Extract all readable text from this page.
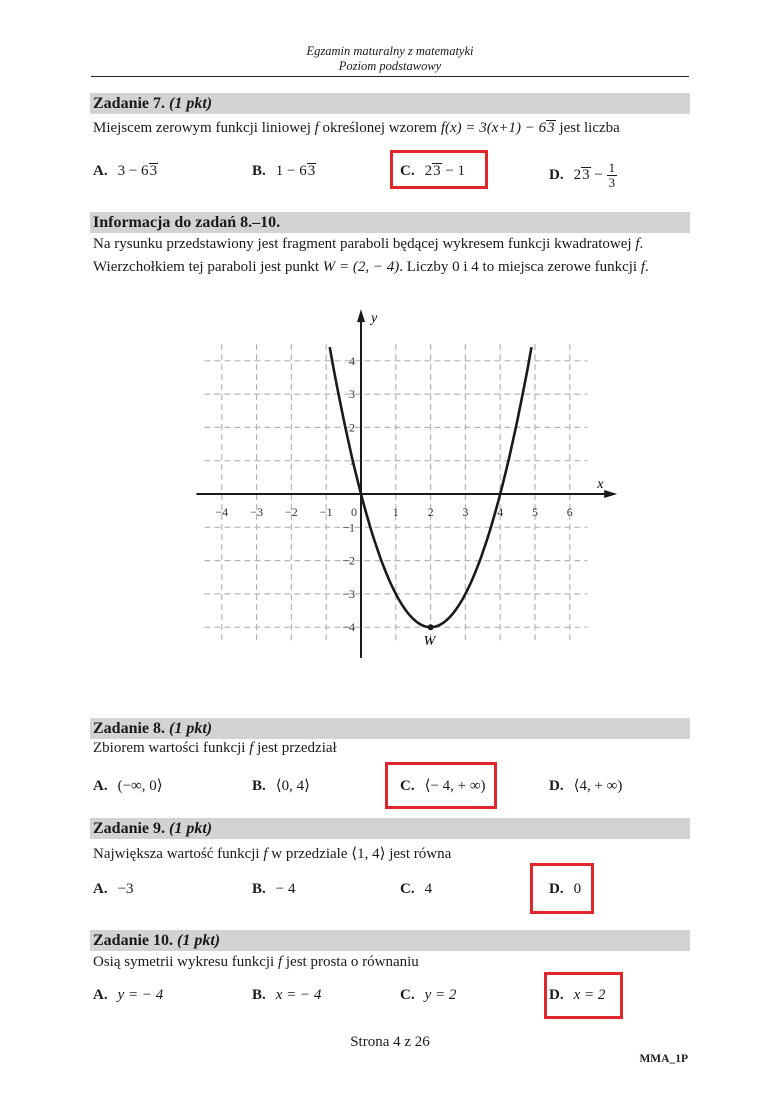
Egzamin maturalny z matematyki
Poziom podstawowy
Zadanie 7. (1 pkt)
Miejscem zerowym funkcji liniowej f określonej wzorem f(x) = 3(x+1) − 63 jest liczba
A. 3 − 63	B. 1 − 63	C. 23 − 1	D. $23 - \frac{1}{3}$
Informacja do zadań 8.–10.
Na rysunku przedstawiony jest fragment paraboli będącej wykresem funkcji kwadratowej f.
Wierzchołkiem tej paraboli jest punkt W = (2, − 4). Liczby 0 i 4 to miejsca zerowe funkcji f.
x
y
−4 −3 −2 −1 0	1 2 3 4 5 6
4
3
2
1
−1
−2
−3
−4
W
Zadanie 8. (1 pkt)
Zbiorem wartości funkcji f jest przedział
A. (−∞, 0⟩	B. ⟨0, 4⟩	C. ⟨− 4, + ∞)	D. ⟨4, + ∞)
Zadanie 9. (1 pkt)
Największa wartość funkcji f w przedziale ⟨1, 4⟩ jest równa
A. −3	B. − 4	C. 4	D. 0
Zadanie 10. (1 pkt)
Osią symetrii wykresu funkcji f jest prosta o równaniu
A. y = − 4	B. x = − 4	C. y = 2	D. x = 2
Strona 4 z 26
MMA_1P
